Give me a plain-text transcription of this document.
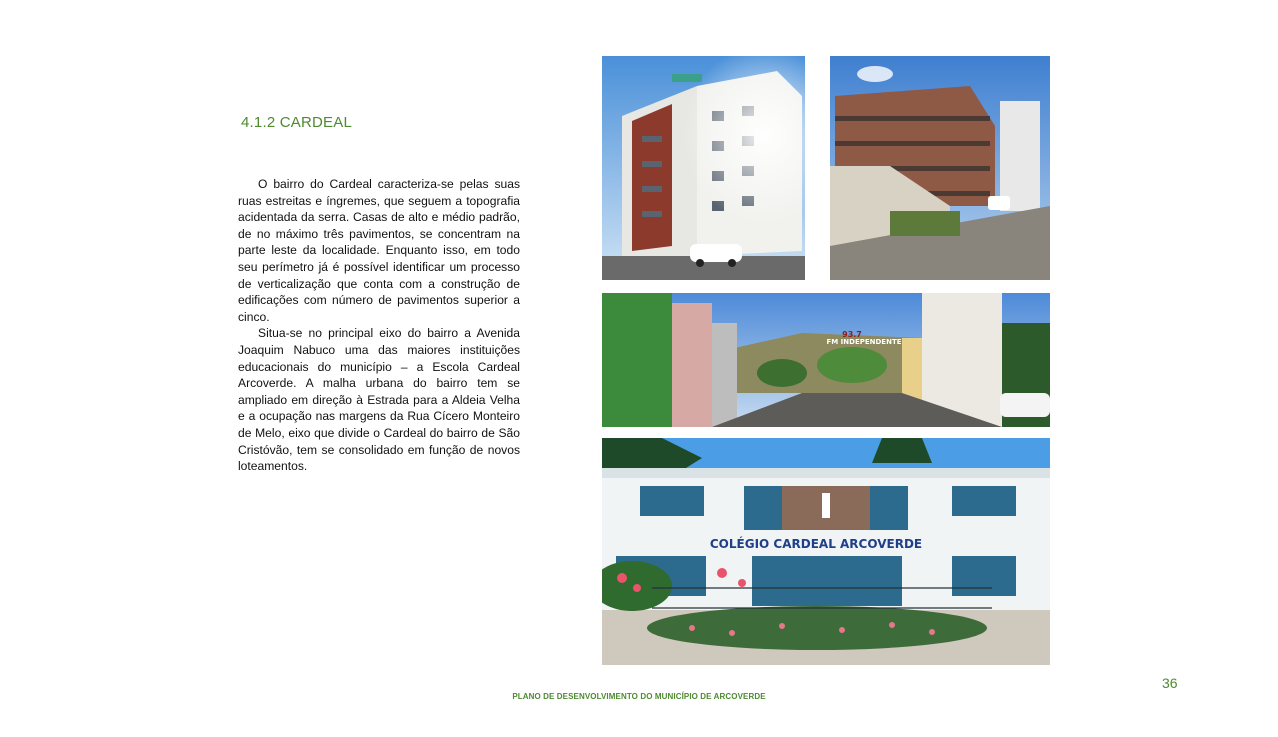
4.1.2 CARDEAL

O bairro do Cardeal caracteriza-se pelas suas ruas estreitas e íngremes, que seguem a topografia acidentada da serra. Casas de alto e médio padrão, de no máximo três pavimentos, se concentram na parte leste da localidade. Enquanto isso, em todo seu perímetro já é possível identificar um processo de verticalização que conta com a construção de edificações com número de pavimentos superior a cinco.

Situa-se no principal eixo do bairro a Avenida Joaquim Nabuco uma das maiores instituições educacionais do município – a Escola Cardeal Arcoverde. A malha urbana do bairro tem se ampliado em direção à Estrada para a Aldeia Velha e a ocupação nas margens da Rua Cícero Monteiro de Melo, eixo que divide o Cardeal do bairro de São Cristóvão, tem se consolidado em função de novos loteamentos.

93.7
FM INDEPENDENTE
COLÉGIO CARDEAL ARCOVERDE
36
PLANO DE DESENVOLVIMENTO DO MUNICÍPIO DE ARCOVERDE
